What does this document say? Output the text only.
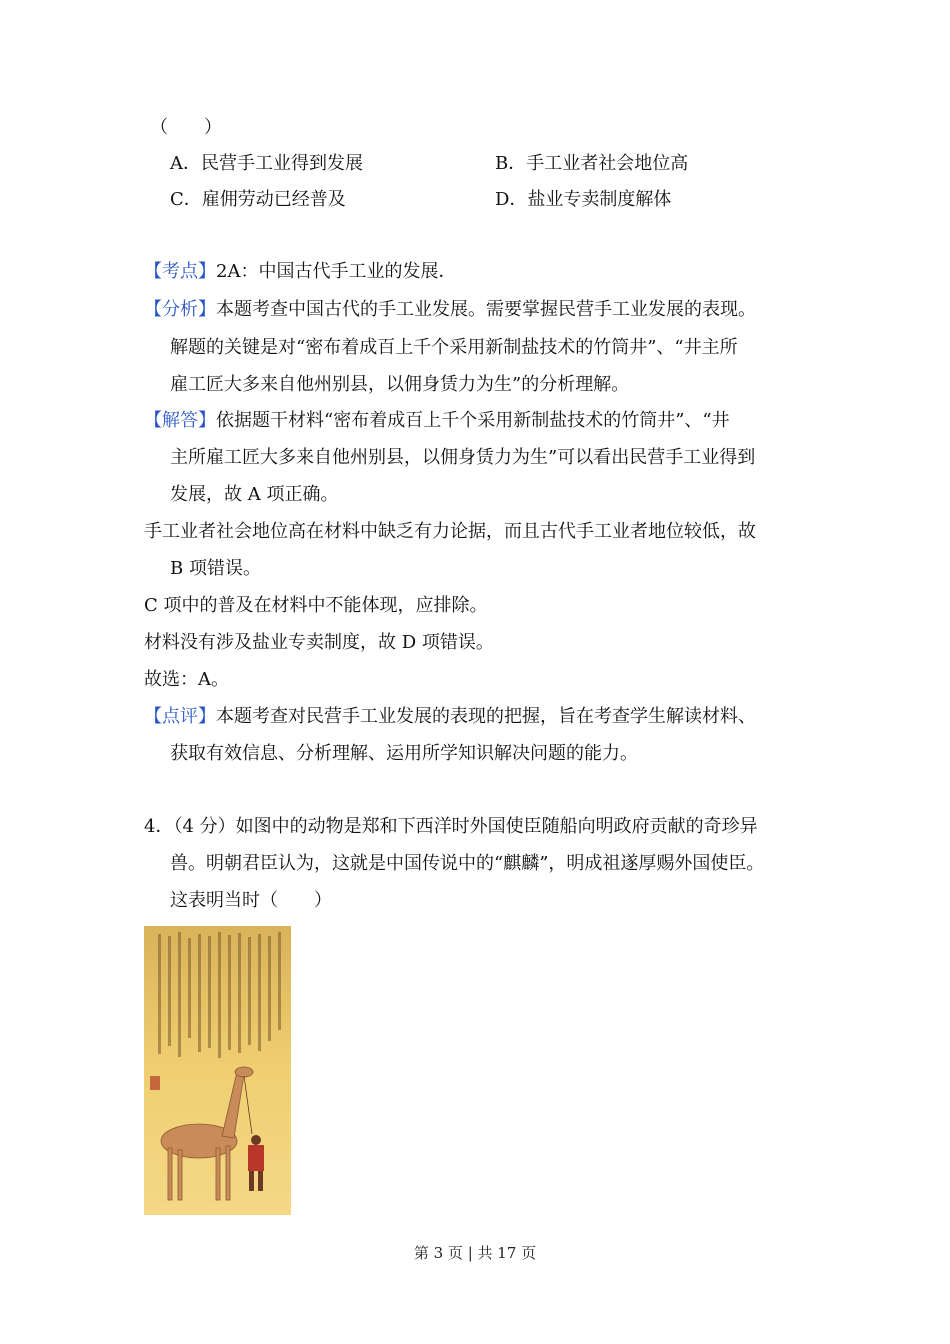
（　　）
A．民营手工业得到发展	B．手工业者社会地位高
C．雇佣劳动已经普及	D．盐业专卖制度解体
【考点】2A：中国古代手工业的发展．
【分析】本题考查中国古代的手工业发展。需要掌握民营手工业发展的表现。
解题的关键是对“密布着成百上千个采用新制盐技术的竹筒井”、“井主所
雇工匠大多来自他州别县，以佣身赁力为生”的分析理解。
【解答】依据题干材料“密布着成百上千个采用新制盐技术的竹筒井”、“井
主所雇工匠大多来自他州别县，以佣身赁力为生”可以看出民营手工业得到
发展，故 A 项正确。
手工业者社会地位高在材料中缺乏有力论据，而且古代手工业者地位较低，故
B 项错误。
C 项中的普及在材料中不能体现，应排除。
材料没有涉及盐业专卖制度，故 D 项错误。
故选：A。
【点评】本题考查对民营手工业发展的表现的把握，旨在考查学生解读材料、
获取有效信息、分析理解、运用所学知识解决问题的能力。
4．（4 分）如图中的动物是郑和下西洋时外国使臣随船向明政府贡献的奇珍异
兽。明朝君臣认为，这就是中国传说中的“麒麟”，明成祖遂厚赐外国使臣。
这表明当时（　　）
第 3 页 | 共 17 页
